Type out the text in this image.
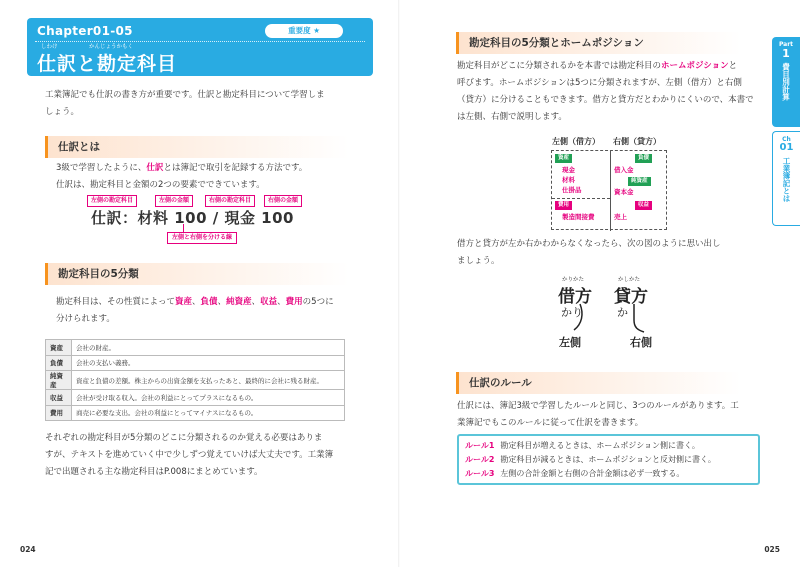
Chapter01-05	重要度 ★
しわけ	かんじょうかもく
仕訳と勘定科目
工業簿記でも仕訳の書き方が重要です。仕訳と勘定科目について学習しま
しょう。
仕訳とは
3級で学習したように、仕訳とは簿記で取引を記録する方法です。
仕訳は、勘定科目と金額の2つの要素でできています。
左側の勘定科目	左側の金額	右側の勘定科目	右側の金額
仕訳：材料 100 / 現金 100
左側と右側を分ける線
勘定科目の5分類
勘定科目は、その性質によって資産、負債、純資産、収益、費用の5つに
分けられます。
資産	会社の財産。
負債	会社の支払い義務。
純資産	資産と負債の差額。株主からの出資金額を支払ったあと、最終的に会社に残る財産。
収益	会社が受け取る収入。会社の利益にとってプラスになるもの。
費用	商売に必要な支出。会社の利益にとってマイナスになるもの。
それぞれの勘定科目が5分類のどこに分類されるのか覚える必要はありま
すが、テキストを進めていく中で少しずつ覚えていけば大丈夫です。工業簿
記で出題される主な勘定科目はP.008にまとめています。
024
勘定科目の5分類とホームポジション
勘定科目がどこに分類されるかを本書では勘定科目のホームポジションと
呼びます。ホームポジションは5つに分類されますが、左側（借方）と右側
（貸方）に分けることもできます。借方と貸方だとわかりにくいので、本書で
は左側、右側で説明します。
左側（借方） 右側（貸方）
資産
現金
材料
仕掛品
負債
借入金
純資産
資本金
費用
製造間接費
収益
売上
借方と貸方が左か右かわからなくなったら、次の図のように思い出し
ましょう。
かりかた
借方
かり
かしかた
貸方
か
左側	右側
仕訳のルール
仕訳には、簿記3級で学習したルールと同じ、3つのルールがあります。工
業簿記でもこのルールに従って仕訳を書きます。
ルール1 勘定科目が増えるときは、ホームポジション側に書く。
ルール2 勘定科目が減るときは、ホームポジションと反対側に書く。
ルール3 左側の合計金額と右側の合計金額は必ず一致する。
Part
1
費目別計算
Ch
01
工業簿記とは
025
